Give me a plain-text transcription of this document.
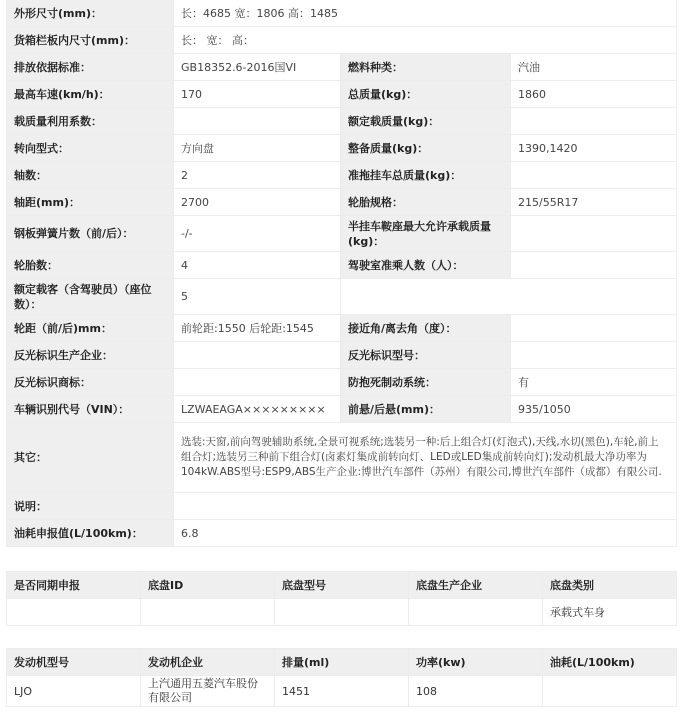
外形尺寸(mm)：	长：4685 宽：1806 高：1485		
货箱栏板内尺寸(mm)：	长： 宽： 高：		
排放依据标准：	GB18352.6-2016国VI	燃料种类：	汽油
最高车速(km/h)：	170	总质量(kg)：	1860
载质量利用系数：		额定载质量(kg)：	
转向型式：	方向盘	整备质量(kg)：	1390,1420
轴数：	2	准拖挂车总质量(kg)：	
轴距(mm)：	2700	轮胎规格：	215/55R17
钢板弹簧片数（前/后）：	-/-	半挂车鞍座最大允许承载质量(kg)：	
轮胎数：	4	驾驶室准乘人数（人）：	
额定载客（含驾驶员）（座位数）：	5		
轮距（前/后)mm：	前轮距:1550 后轮距:1545	接近角/离去角（度）：	
反光标识生产企业：		反光标识型号：	
反光标识商标：		防抱死制动系统：	有
车辆识别代号（VIN）：	LZWAEAGA×××××××××	前悬/后悬(mm)：	935/1050
其它：	选装:天窗,前向驾驶辅助系统,全景可视系统;选装另一种:后上组合灯(灯泡式),天线,水切(黑色),车轮,前上组合灯;选装另三种前下组合灯(卤素灯集成前转向灯、LED或LED集成前转向灯);发动机最大净功率为104kW.ABS型号:ESP9,ABS生产企业:博世汽车部件（苏州）有限公司,博世汽车部件（成都）有限公司.		
说明：			
油耗申报值(L/100km)：	6.8		
是否同期申报	底盘ID	底盘型号	底盘生产企业	底盘类别
				承载式车身
发动机型号	发动机企业	排量(ml)	功率(kw)	油耗(L/100km)
LJO	上汽通用五菱汽车股份有限公司	1451	108	
